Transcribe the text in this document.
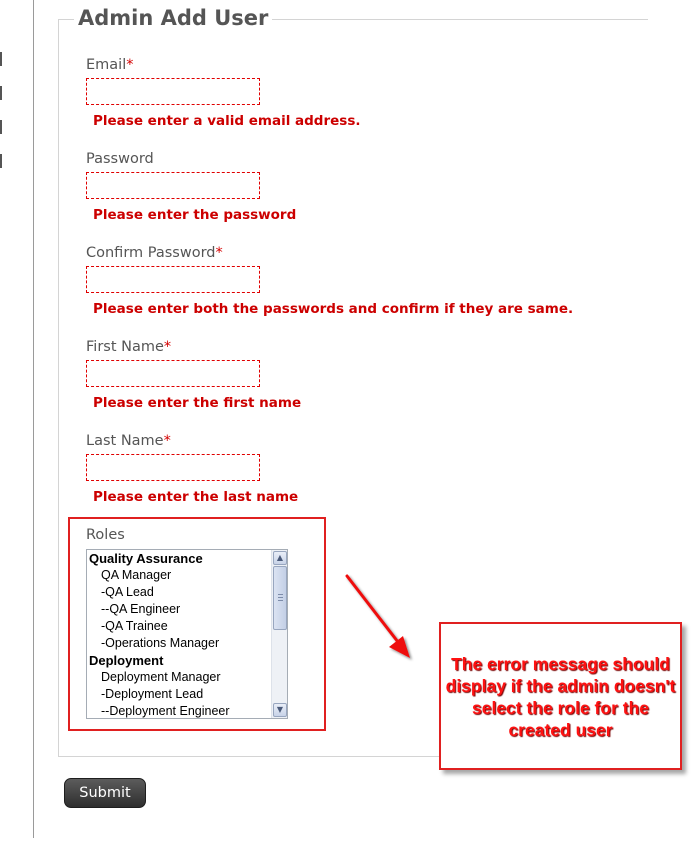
Admin Add User
Email*
Please enter a valid email address.
Password
Please enter the password
Confirm Password*
Please enter both the passwords and confirm if they are same.
First Name*
Please enter the first name
Last Name*
Please enter the last name
Roles
Quality Assurance
QA Manager
-QA Lead
--QA Engineer
-QA Trainee
-Operations Manager
Deployment
Deployment Manager
-Deployment Lead
--Deployment Engineer
▲
▼
The error message should display if the admin doesn't select the role for the created user
Submit
